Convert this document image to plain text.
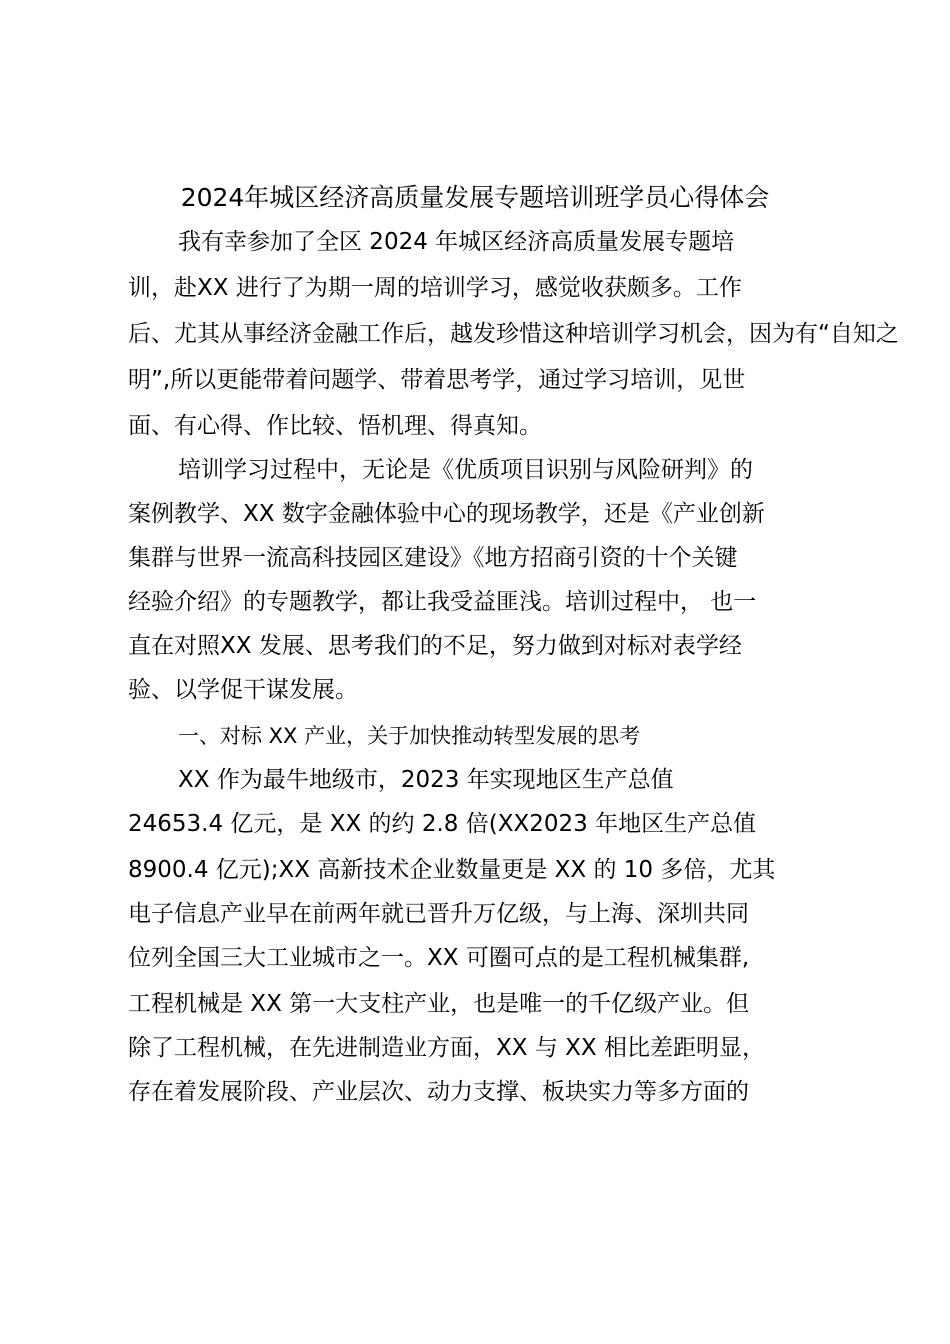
2024年城区经济高质量发展专题培训班学员心得体会
我有幸参加了全区 2024 年城区经济高质量发展专题培
训，赴XX 进行了为期一周的培训学习，感觉收获颇多。工作
后、尤其从事经济金融工作后，越发珍惜这种培训学习机会，因为有“自知之
明”,所以更能带着问题学、带着思考学，通过学习培训，见世
面、有心得、作比较、悟机理、得真知。
培训学习过程中，无论是《优质项目识别与风险研判》的
案例教学、XX 数字金融体验中心的现场教学，还是《产业创新
集群与世界一流高科技园区建设》《地方招商引资的十个关键
经验介绍》的专题教学，都让我受益匪浅。培训过程中， 也一
直在对照XX 发展、思考我们的不足，努力做到对标对表学经
验、以学促干谋发展。
一、对标 XX 产业，关于加快推动转型发展的思考
XX 作为最牛地级市，2023 年实现地区生产总值
24653.4 亿元，是 XX 的约 2.8 倍(XX2023 年地区生产总值
8900.4 亿元);XX 高新技术企业数量更是 XX 的 10 多倍，尤其
电子信息产业早在前两年就已晋升万亿级，与上海、深圳共同
位列全国三大工业城市之一。XX 可圈可点的是工程机械集群,
工程机械是 XX 第一大支柱产业，也是唯一的千亿级产业。但
除了工程机械，在先进制造业方面，XX 与 XX 相比差距明显，
存在着发展阶段、产业层次、动力支撑、板块实力等多方面的
